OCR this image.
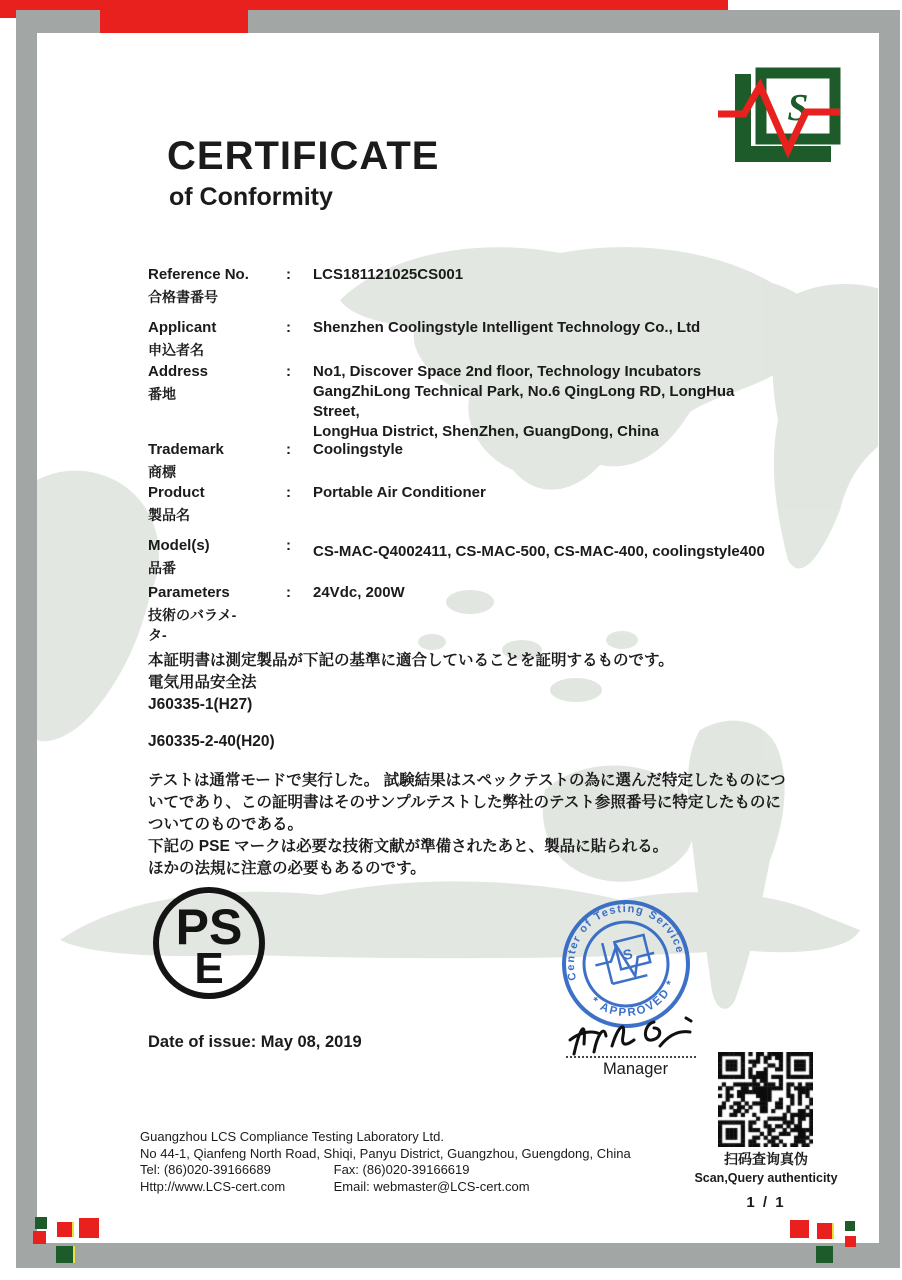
S
CERTIFICATE
of Conformity
Reference No.
合格書番号
:	LCS181121025CS001
Applicant
申込者名
:	Shenzhen Coolingstyle Intelligent Technology Co., Ltd
Address
番地
:	No1, Discover Space 2nd floor, Technology Incubators
GangZhiLong Technical Park, No.6 QingLong RD, LongHua Street,
LongHua District, ShenZhen, GuangDong, China
Trademark
商標
:	Coolingstyle
Product
製品名
:	Portable Air Conditioner
Model(s)
品番
:	CS-MAC-Q4002411, CS-MAC-500, CS-MAC-400, coolingstyle400
Parameters
技術のバラメ-タ-
:	24Vdc, 200W

本証明書は測定製品が下記の基準に適合していることを証明するものです。

電気用品安全法

J60335-1(H27)

J60335-2-40(H20)

テストは通常モードで実行した。 試験結果はスペックテストの為に選んだ特定したものについてであり、この証明書はそのサンプルテストした弊社のテスト参照番号に特定したものについてのものである。

下記の PSE マークは必要な技術文献が準備されたあと、製品に貼られる。

ほかの法規に注意の必要もあるのです。

PS
E
Date of issue: May 08, 2019
Center of Testing Service
* APPROVED *
S
Manager
扫码查询真伪
Scan,Query authenticity
1 / 1
Guangzhou LCS Compliance Testing Laboratory Ltd.
No 44-1, Qianfeng North Road, Shiqi, Panyu District, Guangzhou, Guengdong, China
Tel: (86)020-39166689	Fax: (86)020-39166619
Http://www.LCS-cert.com	Email: webmaster@LCS-cert.com
